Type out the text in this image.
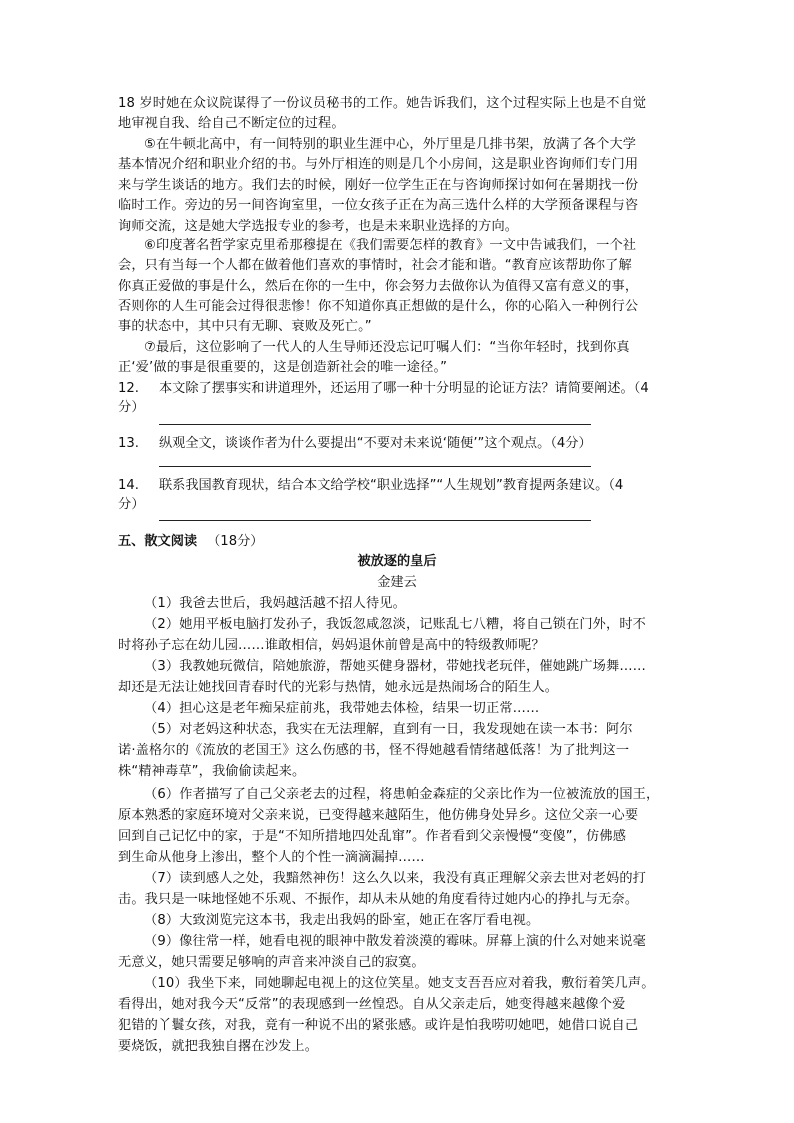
18 岁时她在众议院谋得了一份议员秘书的工作。她告诉我们，这个过程实际上也是不自觉
地审视自我、给自己不断定位的过程。
⑤在牛顿北高中，有一间特别的职业生涯中心，外厅里是几排书架，放满了各个大学
基本情况介绍和职业介绍的书。与外厅相连的则是几个小房间，这是职业咨询师们专门用
来与学生谈话的地方。我们去的时候，刚好一位学生正在与咨询师探讨如何在暑期找一份
临时工作。旁边的另一间咨询室里，一位女孩子正在为高三选什么样的大学预备课程与咨
询师交流，这是她大学选报专业的参考，也是未来职业选择的方向。
⑥印度著名哲学家克里希那穆提在《我们需要怎样的教育》一文中告诫我们，一个社
会，只有当每一个人都在做着他们喜欢的事情时，社会才能和谐。“教育应该帮助你了解
你真正爱做的事是什么，然后在你的一生中，你会努力去做你认为值得又富有意义的事，
否则你的人生可能会过得很悲惨！你不知道你真正想做的是什么，你的心陷入一种例行公
事的状态中，其中只有无聊、衰败及死亡。”
⑦最后，这位影响了一代人的人生导师还没忘记叮嘱人们：“当你年轻时，找到你真
正‘爱’做的事是很重要的，这是创造新社会的唯一途径。”
12. 本文除了摆事实和讲道理外，还运用了哪一种十分明显的论证方法？请简要阐述。（4
分）
13. 纵观全文，谈谈作者为什么要提出“不要对未来说‘随便’”这个观点。（4分）
14. 联系我国教育现状，结合本文给学校“职业选择”“人生规划”教育提两条建议。（4
分）
五、散文阅读 （18分）
被放逐的皇后
金建云
（1）我爸去世后，我妈越活越不招人待见。
（2）她用平板电脑打发孙子，我饭忽咸忽淡，记账乱七八糟，将自己锁在门外，时不
时将孙子忘在幼儿园……谁敢相信，妈妈退休前曾是高中的特级教师呢？
（3）我教她玩微信，陪她旅游，帮她买健身器材，带她找老玩伴，催她跳广场舞……
却还是无法让她找回青春时代的光彩与热情，她永远是热闹场合的陌生人。
（4）担心这是老年痴呆症前兆，我带她去体检，结果一切正常……
（5）对老妈这种状态，我实在无法理解，直到有一日，我发现她在读一本书：阿尔
诺·盖格尔的《流放的老国王》这么伤感的书，怪不得她越看情绪越低落！为了批判这一
株“精神毒草”，我偷偷读起来。
（6）作者描写了自己父亲老去的过程，将患帕金森症的父亲比作为一位被流放的国王，
原本熟悉的家庭环境对父亲来说，已变得越来越陌生，他仿佛身处异乡。这位父亲一心要
回到自己记忆中的家，于是“不知所措地四处乱窜”。作者看到父亲慢慢“变傻”，仿佛感
到生命从他身上渗出，整个人的个性一滴滴漏掉……
（7）读到感人之处，我黯然神伤！这么久以来，我没有真正理解父亲去世对老妈的打
击。我只是一味地怪她不乐观、不振作，却从未从她的角度看待过她内心的挣扎与无奈。
（8）大致浏览完这本书，我走出我妈的卧室，她正在客厅看电视。
（9）像往常一样，她看电视的眼神中散发着淡漠的霉味。屏幕上演的什么对她来说毫
无意义，她只需要足够响的声音来冲淡自己的寂寞。
（10）我坐下来，同她聊起电视上的这位笑星。她支支吾吾应对着我，敷衍着笑几声。
看得出，她对我今天“反常”的表现感到一丝惶恐。自从父亲走后，她变得越来越像个爱
犯错的丫鬟女孩，对我，竟有一种说不出的紧张感。或许是怕我唠叨她吧，她借口说自己
要烧饭，就把我独自撂在沙发上。
